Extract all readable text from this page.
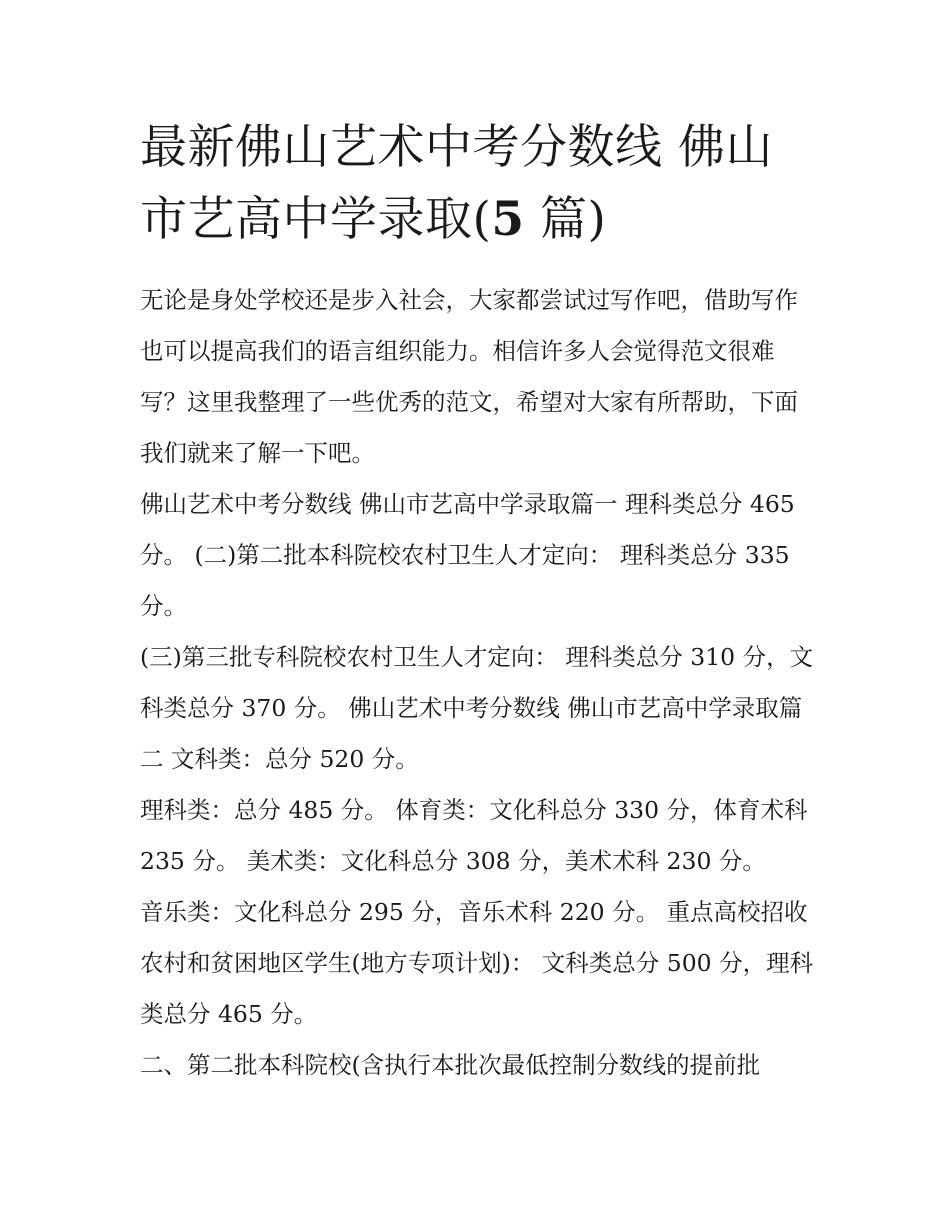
最新佛山艺术中考分数线 佛山市艺高中学录取(5 篇)

无论是身处学校还是步入社会，大家都尝试过写作吧，借助写作也可以提高我们的语言组织能力。相信许多人会觉得范文很难写？这里我整理了一些优秀的范文，希望对大家有所帮助，下面我们就来了解一下吧。

佛山艺术中考分数线 佛山市艺高中学录取篇一 理科类总分 465 分。 (二)第二批本科院校农村卫生人才定向： 理科类总分 335 分。

(三)第三批专科院校农村卫生人才定向： 理科类总分 310 分，文科类总分 370 分。 佛山艺术中考分数线 佛山市艺高中学录取篇二 文科类：总分 520 分。

理科类：总分 485 分。 体育类：文化科总分 330 分，体育术科 235 分。 美术类：文化科总分 308 分，美术术科 230 分。

音乐类：文化科总分 295 分，音乐术科 220 分。 重点高校招收农村和贫困地区学生(地方专项计划)： 文科类总分 500 分，理科类总分 465 分。

二、第二批本科院校(含执行本批次最低控制分数线的提前批
